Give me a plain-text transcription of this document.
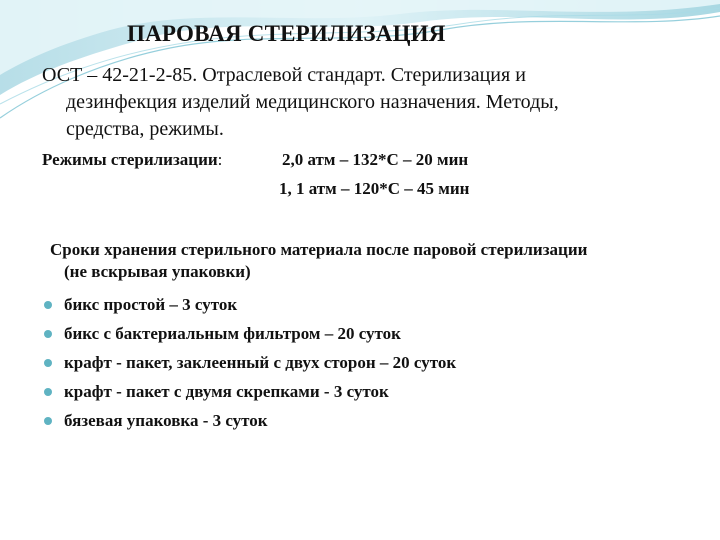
ПАРОВАЯ СТЕРИЛИЗАЦИЯ
ОСТ – 42-21-2-85. Отраслевой стандарт. Стерилизация и
дезинфекция изделий медицинского назначения. Методы,
средства, режимы.
Режимы стерилизации:	2,0 атм – 132*С – 20 мин
1, 1 атм – 120*С – 45 мин
Сроки хранения стерильного материала после паровой стерилизации
(не вскрывая упаковки)
бикс простой – 3 суток
бикс с бактериальным фильтром – 20 суток
крафт - пакет, заклеенный с двух сторон – 20 суток
крафт - пакет с двумя скрепками - 3 суток
бязевая упаковка - 3 суток
